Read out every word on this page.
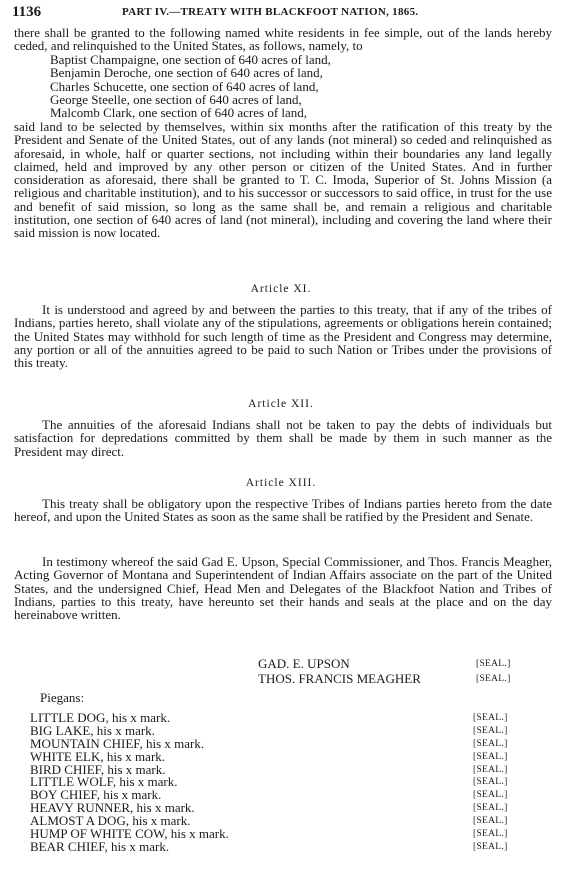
1136	PART IV.—TREATY WITH BLACKFOOT NATION, 1865.
there shall be granted to the following named white residents in fee simple, out of the lands hereby ceded, and relinquished to the United States, as follows, namely, to
Baptist Champaigne, one section of 640 acres of land,
Benjamin Deroche, one section of 640 acres of land,
Charles Schucette, one section of 640 acres of land,
George Steelle, one section of 640 acres of land,
Malcomb Clark, one section of 640 acres of land,
said land to be selected by themselves, within six months after the ratification of this treaty by the President and Senate of the United States, out of any lands (not mineral) so ceded and relinquished as aforesaid, in whole, half or quarter sections, not including within their boundaries any land legally claimed, held and improved by any other person or citizen of the United States. And in further consideration as aforesaid, there shall be granted to T. C. Imoda, Superior of St. Johns Mission (a religious and charitable institution), and to his successor or successors to said office, in trust for the use and benefit of said mission, so long as the same shall be, and remain a religious and charitable institution, one section of 640 acres of land (not mineral), including and covering the land where their said mission is now located.
Article XI.
It is understood and agreed by and between the parties to this treaty, that if any of the tribes of Indians, parties hereto, shall violate any of the stipulations, agreements or obligations herein contained; the United States may withhold for such length of time as the President and Congress may determine, any portion or all of the annuities agreed to be paid to such Nation or Tribes under the provisions of this treaty.
Article XII.
The annuities of the aforesaid Indians shall not be taken to pay the debts of individuals but satisfaction for depredations committed by them shall be made by them in such manner as the President may direct.
Article XIII.
This treaty shall be obligatory upon the respective Tribes of Indians parties hereto from the date hereof, and upon the United States as soon as the same shall be ratified by the President and Senate.
In testimony whereof the said Gad E. Upson, Special Commissioner, and Thos. Francis Meagher, Acting Governor of Montana and Superintendent of Indian Affairs associate on the part of the United States, and the undersigned Chief, Head Men and Delegates of the Blackfoot Nation and Tribes of Indians, parties to this treaty, have hereunto set their hands and seals at the place and on the day hereinabove written.
GAD. E. UPSON	[SEAL.]
THOS. FRANCIS MEAGHER	[SEAL.]
Piegans:
LITTLE DOG, his x mark.	[SEAL.]
BIG LAKE, his x mark.	[SEAL.]
MOUNTAIN CHIEF, his x mark.	[SEAL.]
WHITE ELK, his x mark.	[SEAL.]
BIRD CHIEF, his x mark.	[SEAL.]
LITTLE WOLF, his x mark.	[SEAL.]
BOY CHIEF, his x mark.	[SEAL.]
HEAVY RUNNER, his x mark.	[SEAL.]
ALMOST A DOG, his x mark.	[SEAL.]
HUMP OF WHITE COW, his x mark.	[SEAL.]
BEAR CHIEF, his x mark.	[SEAL.]
